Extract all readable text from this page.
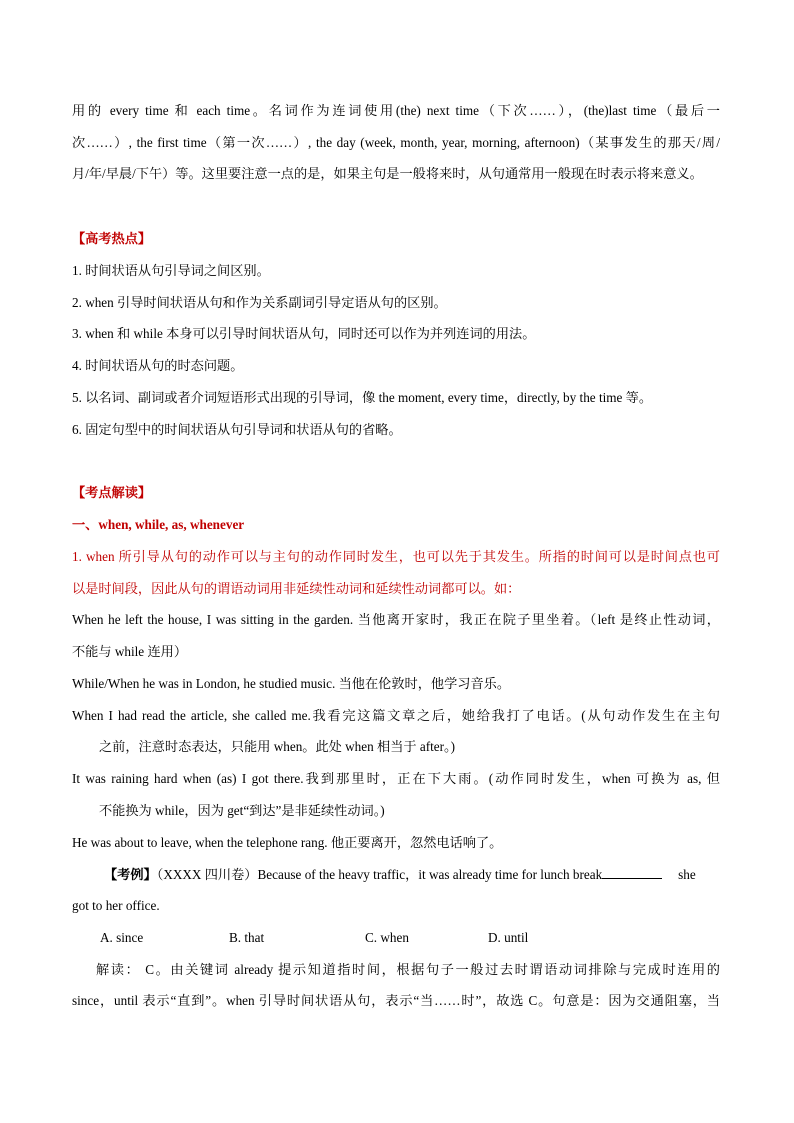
用的 every time 和 each time。名词作为连词使用(the) next time（下次……），(the)last time（最后一
次……）, the first time（第一次……）, the day (week, month, year, morning, afternoon)（某事发生的那天/周/
月/年/早晨/下午）等。这里要注意一点的是，如果主句是一般将来时，从句通常用一般现在时表示将来意义。
【高考热点】
1. 时间状语从句引导词之间区别。
2. when 引导时间状语从句和作为关系副词引导定语从句的区别。
3. when 和 while 本身可以引导时间状语从句，同时还可以作为并列连词的用法。
4. 时间状语从句的时态问题。
5. 以名词、副词或者介词短语形式出现的引导词，像 the moment, every time，directly, by the time 等。
6. 固定句型中的时间状语从句引导词和状语从句的省略。
【考点解读】
一、when, while, as, whenever
1. when 所引导从句的动作可以与主句的动作同时发生，也可以先于其发生。所指的时间可以是时间点也可
以是时间段，因此从句的谓语动词用非延续性动词和延续性动词都可以。如：
When he left the house, I was sitting in the garden. 当他离开家时，我正在院子里坐着。（left 是终止性动词，
不能与 while 连用）
While/When he was in London, he studied music. 当他在伦敦时，他学习音乐。
When I had read the article, she called me.我看完这篇文章之后，她给我打了电话。(从句动作发生在主句
之前，注意时态表达，只能用 when。此处 when 相当于 after。)
It was raining hard when (as) I got there.我到那里时，正在下大雨。(动作同时发生，when 可换为 as, 但
不能换为 while，因为 get“到达”是非延续性动词。)
He was about to leave, when the telephone rang. 他正要离开，忽然电话响了。
【考例】（XXXX 四川卷）Because of the heavy traffic，it was already time for lunch break	she
got to her office.
A. since	B. that	C. when	D. until
解读： C。由关键词 already 提示知道指时间，根据句子一般过去时谓语动词排除与完成时连用的
since，until 表示“直到”。when 引导时间状语从句，表示“当……时”，故选 C。句意是：因为交通阻塞，当
